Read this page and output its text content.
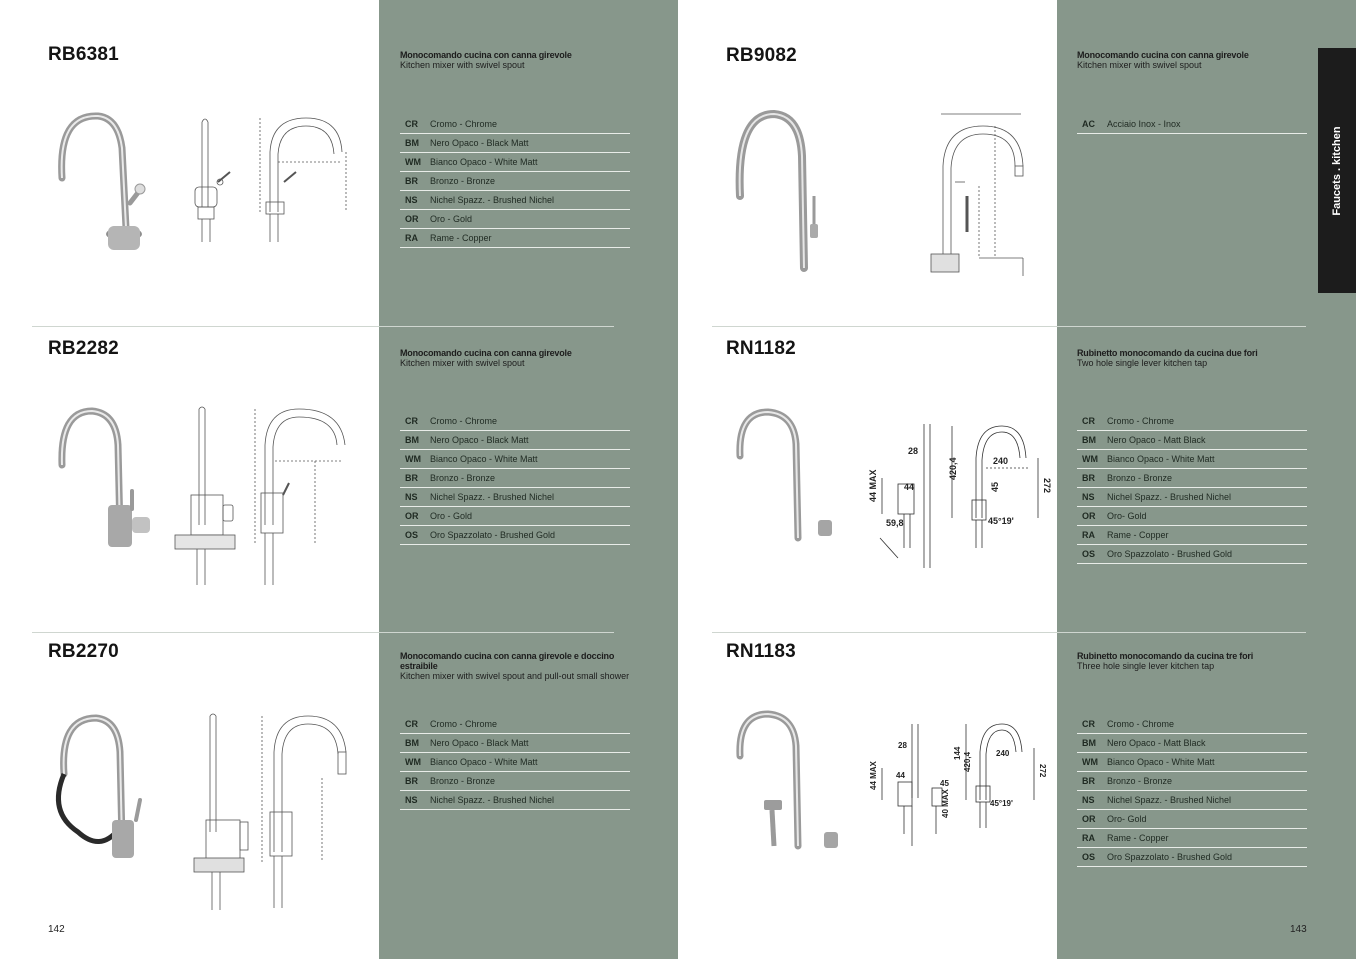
Faucets . kitchen
RB6381	Monocomando cucina con canna girevole
Kitchen mixer with swivel spout
CR	Cromo - Chrome
BM	Nero Opaco - Black Matt
WM	Bianco Opaco - White Matt
BR	Bronzo - Bronze
NS	Nichel Spazz. - Brushed Nichel
OR	Oro - Gold
RA	Rame - Copper
RB2282	Monocomando cucina con canna girevole
Kitchen mixer with swivel spout
CR	Cromo - Chrome
BM	Nero Opaco - Black Matt
WM	Bianco Opaco - White Matt
BR	Bronzo - Bronze
NS	Nichel Spazz. - Brushed Nichel
OR	Oro - Gold
OS	Oro Spazzolato - Brushed Gold
RB2270	Monocomando cucina con canna girevole e doccino estraibile
Kitchen mixer with swivel spout and pull-out small shower
CR	Cromo - Chrome
BM	Nero Opaco - Black Matt
WM	Bianco Opaco - White Matt
BR	Bronzo - Bronze
NS	Nichel Spazz. - Brushed Nichel
RB9082	Monocomando cucina con canna girevole
Kitchen mixer with swivel spout
AC	Acciaio Inox - Inox
RN1182	Rubinetto monocomando da cucina due fori
Two hole single lever kitchen tap
CR	Cromo - Chrome
BM	Nero Opaco - Matt Black
WM	Bianco Opaco - White Matt
BR	Bronzo - Bronze
NS	Nichel Spazz. - Brushed Nichel
OR	Oro- Gold
RA	Rame - Copper
OS	Oro Spazzolato - Brushed Gold
28
240
272
44 MAX
420,4
45
44
59,8	45°19'
RN1183	Rubinetto monocomando da cucina tre fori
Three hole single lever kitchen tap
CR	Cromo - Chrome
BM	Nero Opaco - Matt Black
WM	Bianco Opaco - White Matt
BR	Bronzo - Bronze
NS	Nichel Spazz. - Brushed Nichel
OR	Oro- Gold
RA	Rame - Copper
OS	Oro Spazzolato - Brushed Gold
28
240
272
44 MAX	420,4
45
44
40 MAX	45°19'
144
142	143
